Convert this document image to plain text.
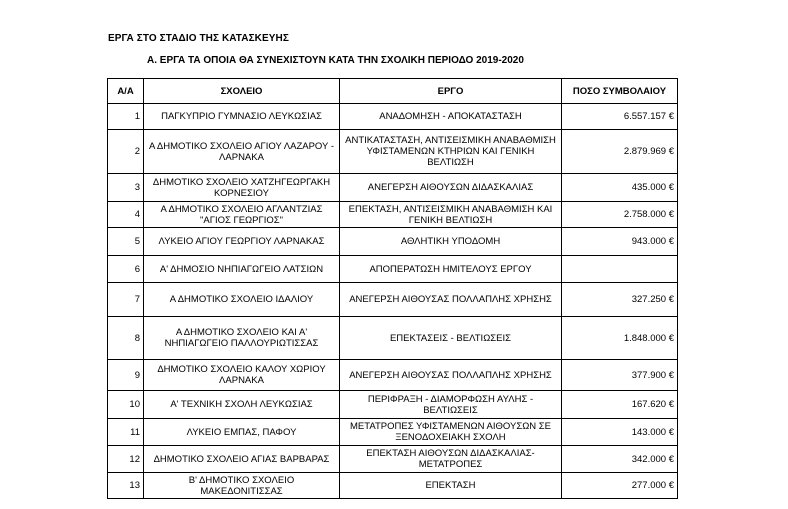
ΕΡΓΑ ΣΤΟ ΣΤΑΔΙΟ ΤΗΣ ΚΑΤΑΣΚΕΥΗΣ
Α. ΕΡΓΑ ΤΑ ΟΠΟΙΑ ΘΑ ΣΥΝΕΧΙΣΤΟΥΝ ΚΑΤΑ ΤΗΝ ΣΧΟΛΙΚΗ ΠΕΡΙΟΔΟ 2019-2020
Α/Α	ΣΧΟΛΕΙΟ	ΕΡΓΟ	ΠΟΣΟ ΣΥΜΒΟΛΑΙΟΥ
1	ΠΑΓΚΥΠΡΙΟ ΓΥΜΝΑΣΙΟ ΛΕΥΚΩΣΙΑΣ	ΑΝΑΔΟΜΗΣΗ - ΑΠΟΚΑΤΑΣΤΑΣΗ	6.557.157 €
2	Α ΔΗΜΟΤΙΚΟ ΣΧΟΛΕΙΟ ΑΓΙΟΥ ΛΑΖΑΡΟΥ - ΛΑΡΝΑΚΑ	ΑΝΤΙΚΑΤΑΣΤΑΣΗ, ΑΝΤΙΣΕΙΣΜΙΚΗ ΑΝΑΒΑΘΜΙΣΗ ΥΦΙΣΤΑΜΕΝΩΝ ΚΤΗΡΙΩΝ ΚΑΙ ΓΕΝΙΚΗ ΒΕΛΤΙΩΣΗ	2.879.969 €
3	ΔΗΜΟΤΙΚΟ ΣΧΟΛΕΙΟ ΧΑΤΖΗΓΕΩΡΓΑΚΗ ΚΟΡΝΕΣΙΟΥ	ΑΝΕΓΕΡΣΗ ΑΙΘΟΥΣΩΝ ΔΙΔΑΣΚΑΛΙΑΣ	435.000 €
4	Α ΔΗΜΟΤΙΚΟ ΣΧΟΛΕΙΟ ΑΓΛΑΝΤΖΙΑΣ "ΑΓΙΟΣ ΓΕΩΡΓΙΟΣ"	ΕΠΕΚΤΑΣΗ, ΑΝΤΙΣΕΙΣΜΙΚΗ ΑΝΑΒΑΘΜΙΣΗ ΚΑΙ ΓΕΝΙΚΗ ΒΕΛΤΙΩΣΗ	2.758.000 €
5	ΛΥΚΕΙΟ ΑΓΙΟΥ ΓΕΩΡΓΙΟΥ ΛΑΡΝΑΚΑΣ	ΑΘΛΗΤΙΚΗ ΥΠΟΔΟΜΗ	943.000 €
6	Α' ΔΗΜΟΣΙΟ ΝΗΠΙΑΓΩΓΕΙΟ ΛΑΤΣΙΩΝ	ΑΠΟΠΕΡΑΤΩΣΗ ΗΜΙΤΕΛΟΥΣ ΕΡΓΟΥ	
7	Α ΔΗΜΟΤΙΚΟ ΣΧΟΛΕΙΟ ΙΔΑΛΙΟΥ	ΑΝΕΓΕΡΣΗ ΑΙΘΟΥΣΑΣ ΠΟΛΛΑΠΛΗΣ ΧΡΗΣΗΣ	327.250 €
8	Α ΔΗΜΟΤΙΚΟ ΣΧΟΛΕΙΟ ΚΑΙ Α' ΝΗΠΙΑΓΩΓΕΙΟ ΠΑΛΛΟΥΡΙΩΤΙΣΣΑΣ	ΕΠΕΚΤΑΣΕΙΣ - ΒΕΛΤΙΩΣΕΙΣ	1.848.000 €
9	ΔΗΜΟΤΙΚΟ ΣΧΟΛΕΙΟ ΚΑΛΟΥ ΧΩΡΙΟΥ ΛΑΡΝΑΚΑ	ΑΝΕΓΕΡΣΗ ΑΙΘΟΥΣΑΣ ΠΟΛΛΑΠΛΗΣ ΧΡΗΣΗΣ	377.900 €
10	Α' ΤΕΧΝΙΚΗ ΣΧΟΛΗ ΛΕΥΚΩΣΙΑΣ	ΠΕΡΙΦΡΑΞΗ - ΔΙΑΜΟΡΦΩΣΗ ΑΥΛΗΣ - ΒΕΛΤΙΩΣΕΙΣ	167.620 €
11	ΛΥΚΕΙΟ ΕΜΠΑΣ, ΠΑΦΟΥ	ΜΕΤΑΤΡΟΠΕΣ ΥΦΙΣΤΑΜΕΝΩΝ ΑΙΘΟΥΣΩΝ ΣΕ ΞΕΝΟΔΟΧΕΙΑΚΗ ΣΧΟΛΗ	143.000 €
12	ΔΗΜΟΤΙΚΟ ΣΧΟΛΕΙΟ ΑΓΙΑΣ ΒΑΡΒΑΡΑΣ	ΕΠΕΚΤΑΣΗ ΑΙΘΟΥΣΩΝ ΔΙΔΑΣΚΑΛΙΑΣ-ΜΕΤΑΤΡΟΠΕΣ	342.000 €
13	Β' ΔΗΜΟΤΙΚΟ ΣΧΟΛΕΙΟ ΜΑΚΕΔΟΝΙΤΙΣΣΑΣ	ΕΠΕΚΤΑΣΗ	277.000 €
